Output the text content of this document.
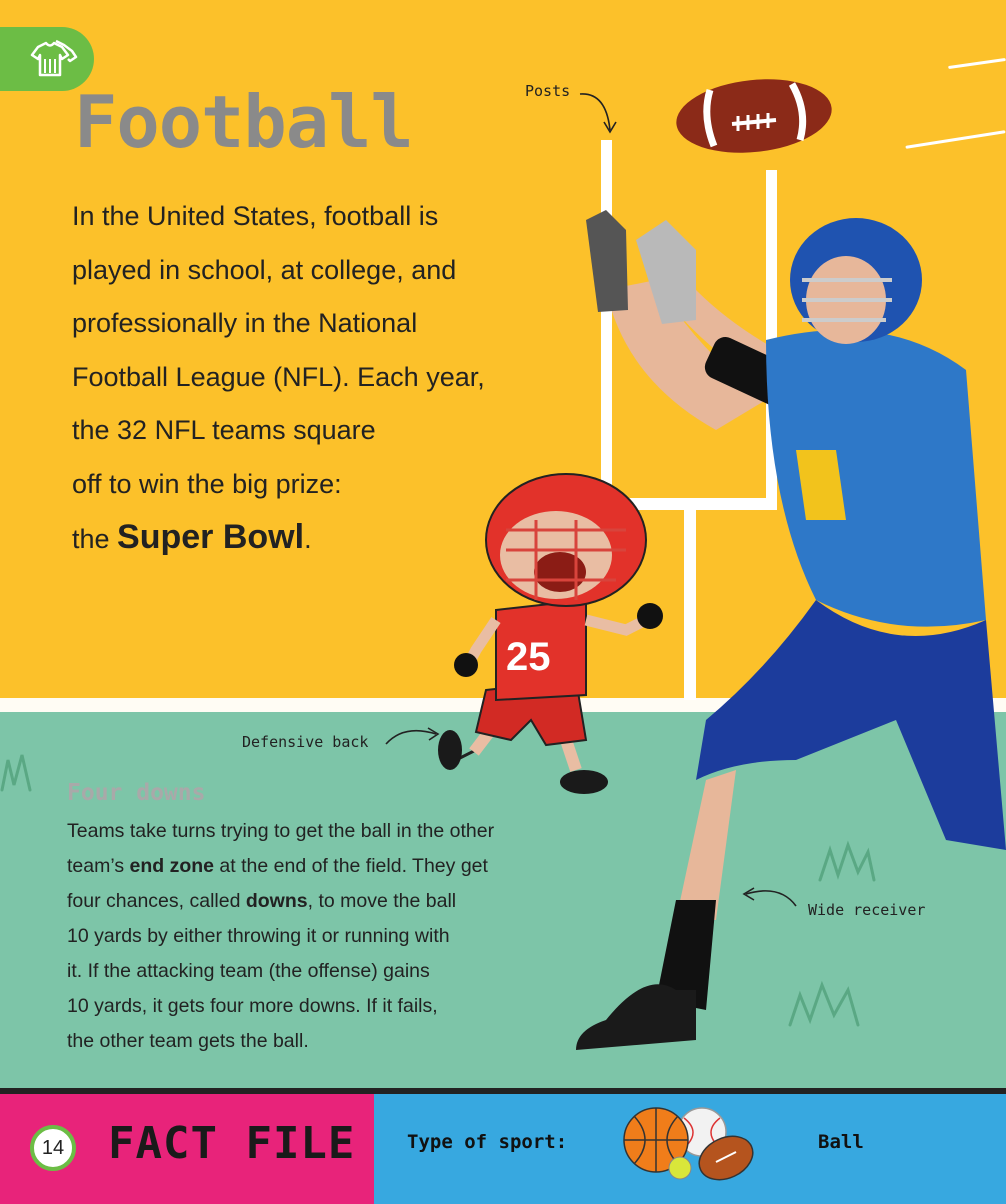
Football
In the United States, football is
played in school, at college, and
professionally in the National
Football League (NFL). Each year,
the 32 NFL teams square
off to win the big prize:
the Super Bowl.
25
Posts
Defensive back
Wide receiver
Four downs
Teams take turns trying to get the ball in the other
team’s end zone at the end of the field. They get
four chances, called downs, to move the ball
10 yards by either throwing it or running with
it. If the attacking team (the offense) gains
10 yards, it gets four more downs. If it fails,
the other team gets the ball.
14 FACT FILE	Type of sport:	Ball
